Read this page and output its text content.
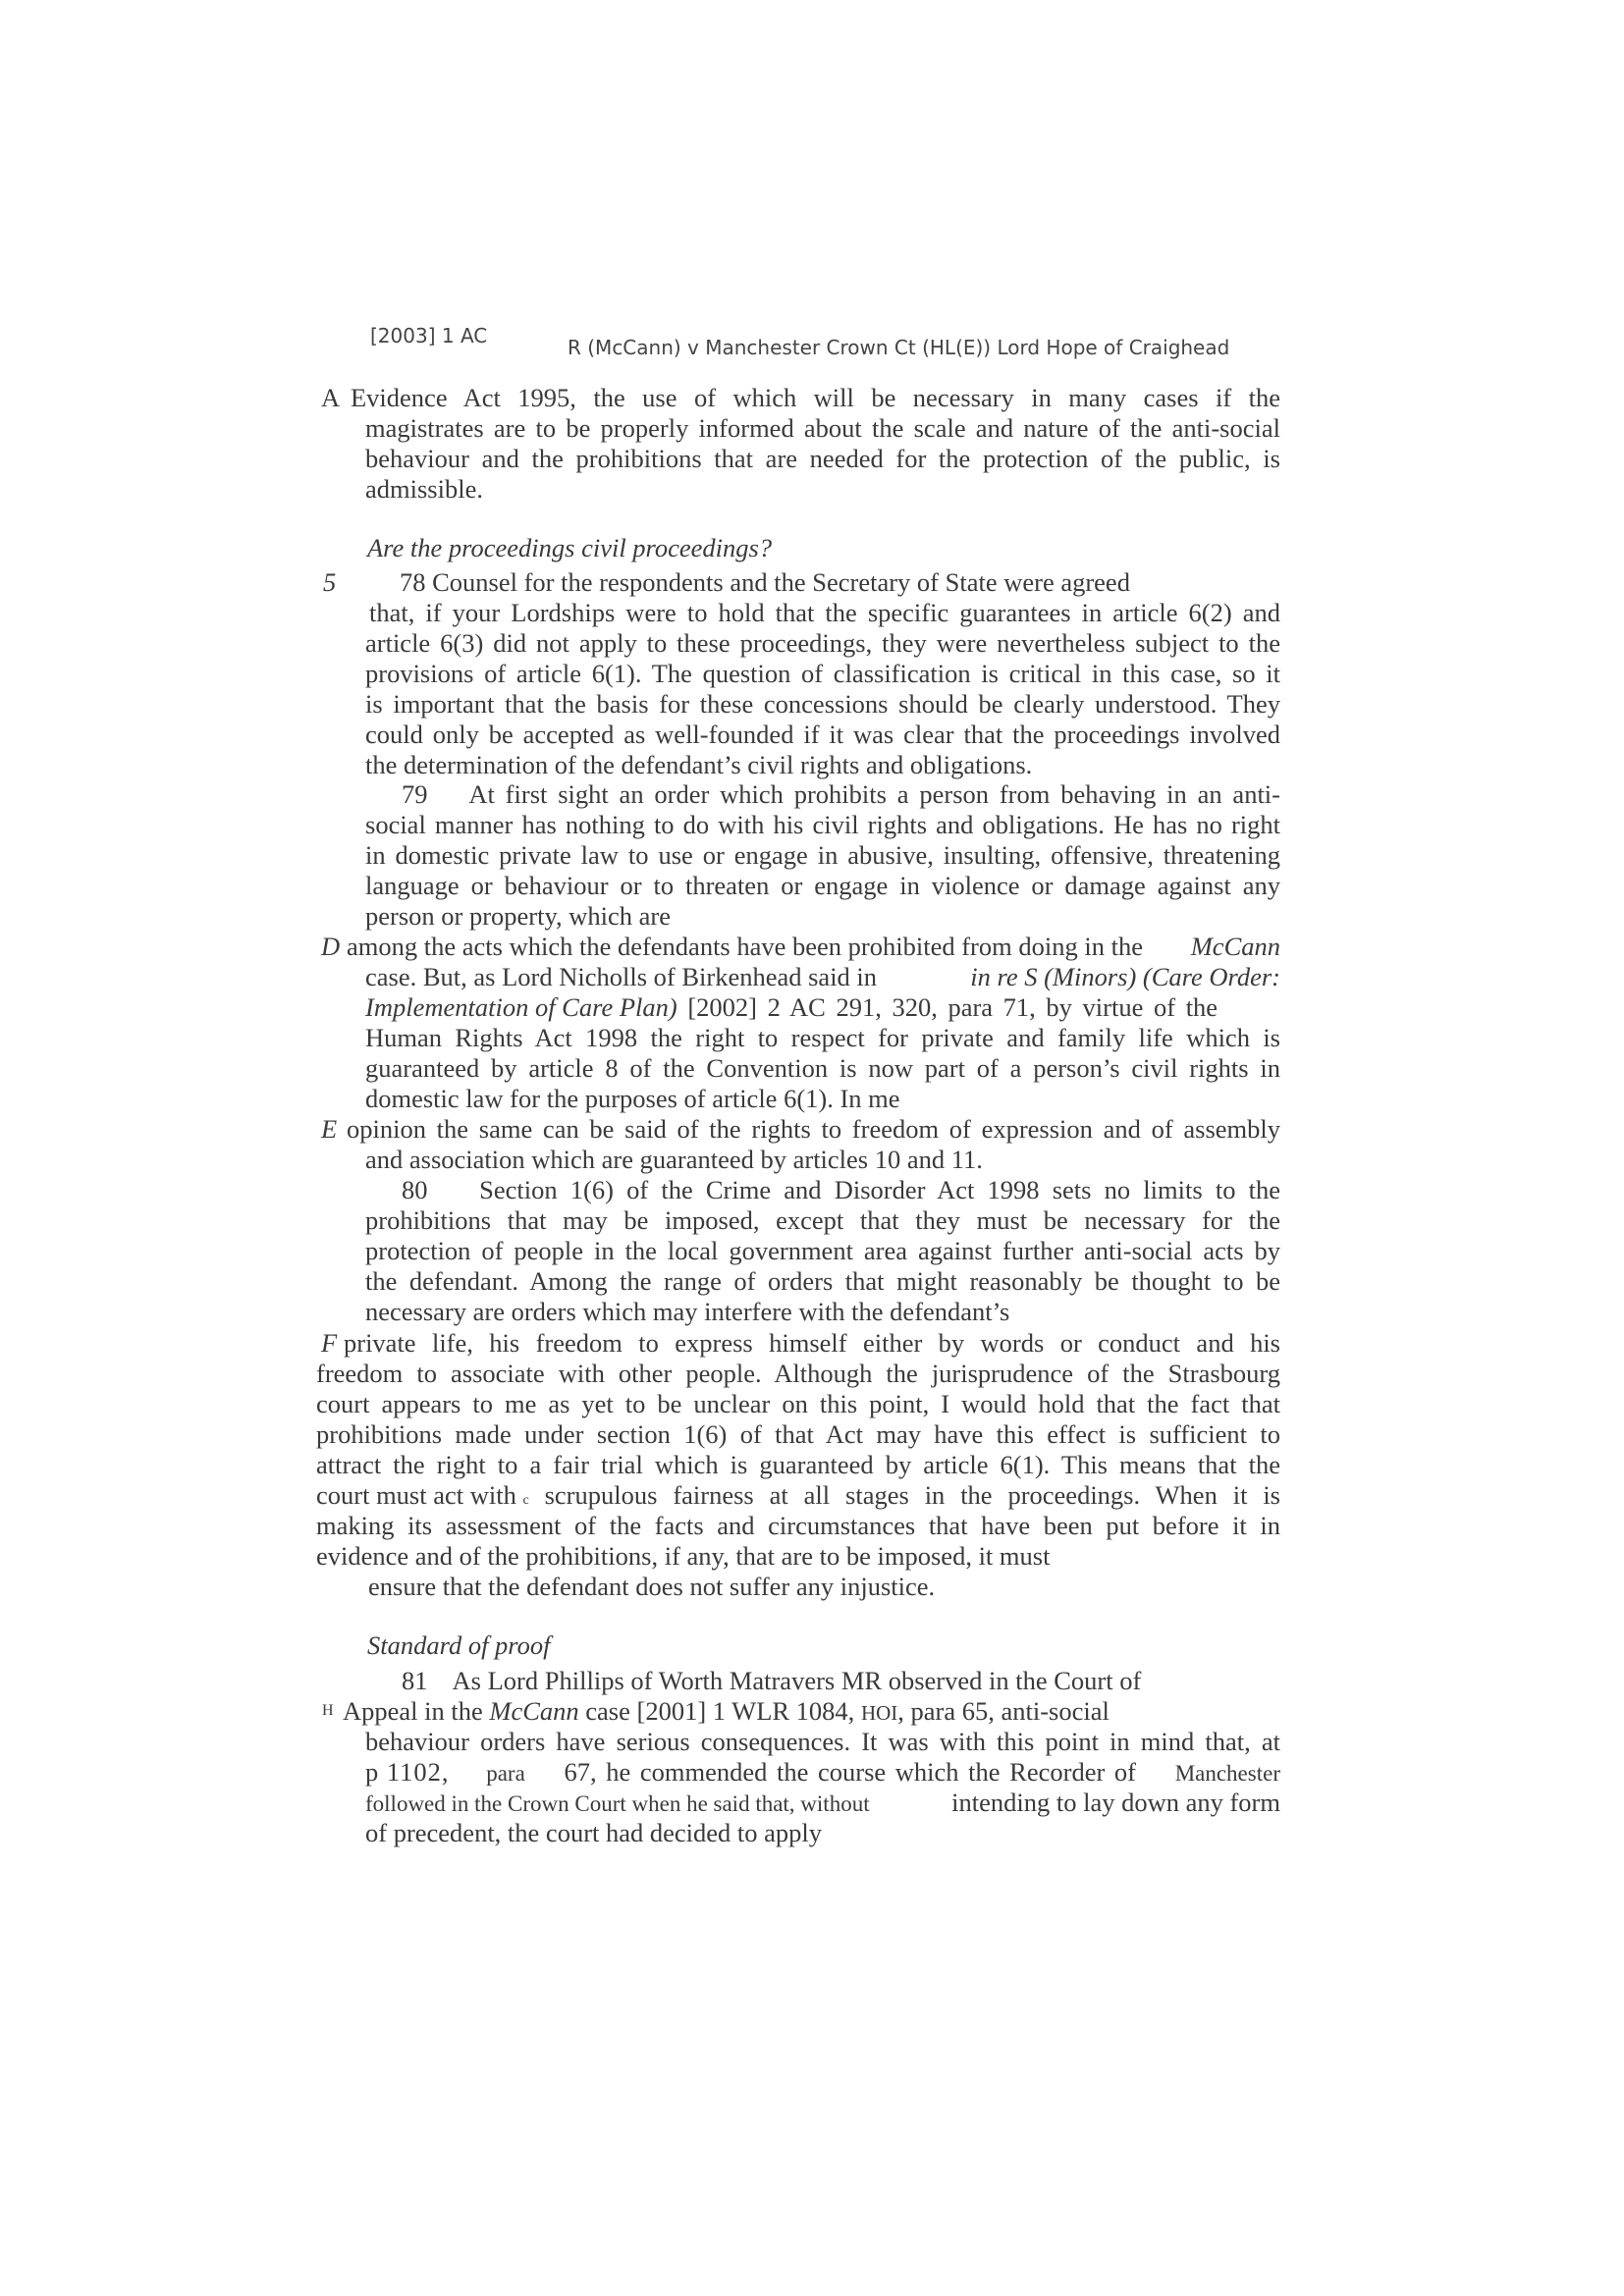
[2003] 1 AC	R (McCann) v Manchester Crown Ct (HL(E)) Lord Hope of Craighead
A
5
D
E
F
H
Evidence Act 1995, the use of which will be necessary in many cases if the
magistrates are to be properly informed about the scale and nature of the anti-social
behaviour and the prohibitions that are needed for the protection of the public, is
admissible.
Are the proceedings civil proceedings?
78 Counsel for the respondents and the Secretary of State were agreed
that, if your Lordships were to hold that the specific guarantees in article 6(2) and
article 6(3) did not apply to these proceedings, they were nevertheless subject to the
provisions of article 6(1). The question of classification is critical in this case, so it
is important that the basis for these concessions should be clearly understood. They
could only be accepted as well-founded if it was clear that the proceedings involved
the determination of the defendant’s civil rights and obligations.
79    At first sight an order which prohibits a person from behaving in an anti-
social manner has nothing to do with his civil rights and obligations. He has no right
in domestic private law to use or engage in abusive, insulting, offensive, threatening
language or behaviour or to threaten or engage in violence or damage against any
person or property, which are
among the acts which the defendants have been prohibited from doing in the McCann
case. But, as Lord Nicholls of Birkenhead said in	in re S (Minors) (Care Order:
Implementation of Care Plan) [2002] 2 AC 291, 320, para 71, by virtue of the
Human Rights Act 1998 the right to respect for private and family life which is
guaranteed by article 8 of the Convention is now part of a person’s civil rights in
domestic law for the purposes of article 6(1). In me
opinion the same can be said of the rights to freedom of expression and of assembly
and association which are guaranteed by articles 10 and 11.
80    Section 1(6) of the Crime and Disorder Act 1998 sets no limits to the
prohibitions that may be imposed, except that they must be necessary for the
protection of people in the local government area against further anti-social acts by
the defendant. Among the range of orders that might reasonably be thought to be
necessary are orders which may interfere with the defendant’s
private life, his freedom to express himself either by words or conduct and his
freedom to associate with other people. Although the jurisprudence of the Strasbourg
court appears to me as yet to be unclear on this point, I would hold that the fact that
prohibitions made under section 1(6) of that Act may have this effect is sufficient to
attract the right to a fair trial which is guaranteed by article 6(1). This means that the
court must act with c scrupulous fairness at all stages in the proceedings. When it is
making its assessment of the facts and circumstances that have been put before it in
evidence and of the prohibitions, if any, that are to be imposed, it must
ensure that the defendant does not suffer any injustice.
Standard of proof
81    As Lord Phillips of Worth Matravers MR observed in the Court of
Appeal in the McCann case [2001] 1 WLR 1084, HOI, para 65, anti-social
behaviour orders have serious consequences. It was with this point in mind that, at
p 1102, para 67, he commended the course which the Recorder of Manchester
followed in the Crown Court when he said that, without	intending to lay down any form
of precedent, the court had decided to apply
